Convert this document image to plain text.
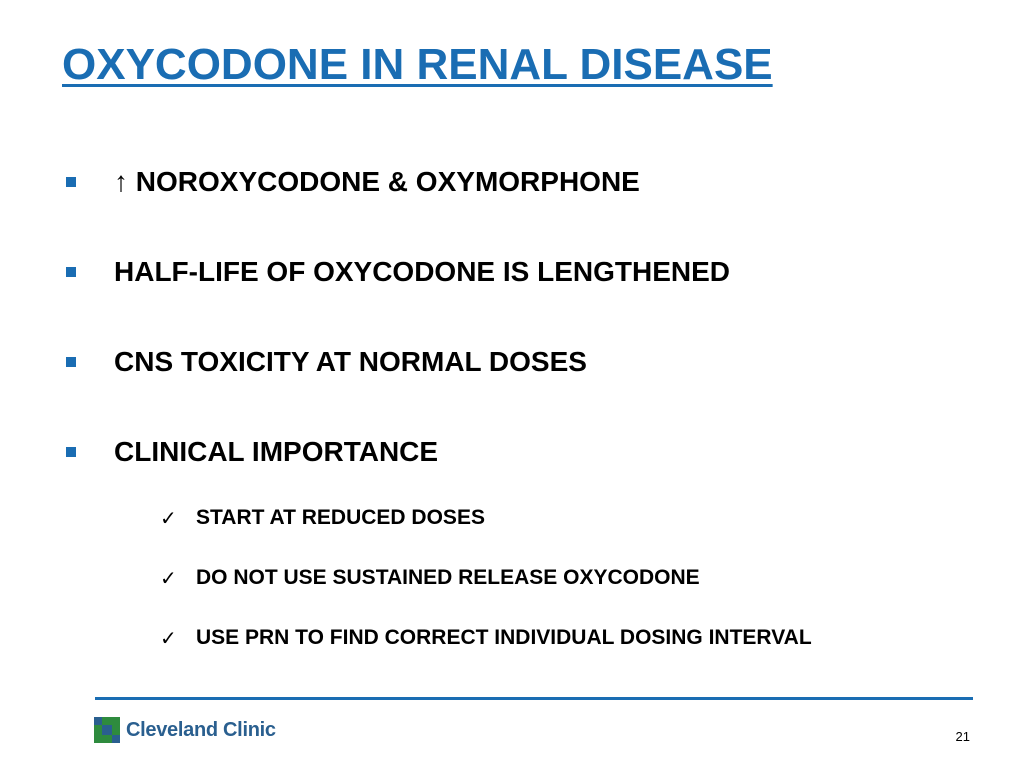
OXYCODONE IN RENAL DISEASE
↑ NOROXYCODONE & OXYMORPHONE
HALF-LIFE OF OXYCODONE IS LENGTHENED
CNS TOXICITY AT NORMAL DOSES
CLINICAL IMPORTANCE
✓ START AT REDUCED DOSES
✓ DO NOT USE SUSTAINED RELEASE OXYCODONE
✓ USE PRN TO FIND CORRECT INDIVIDUAL DOSING INTERVAL
Cleveland Clinic	21
